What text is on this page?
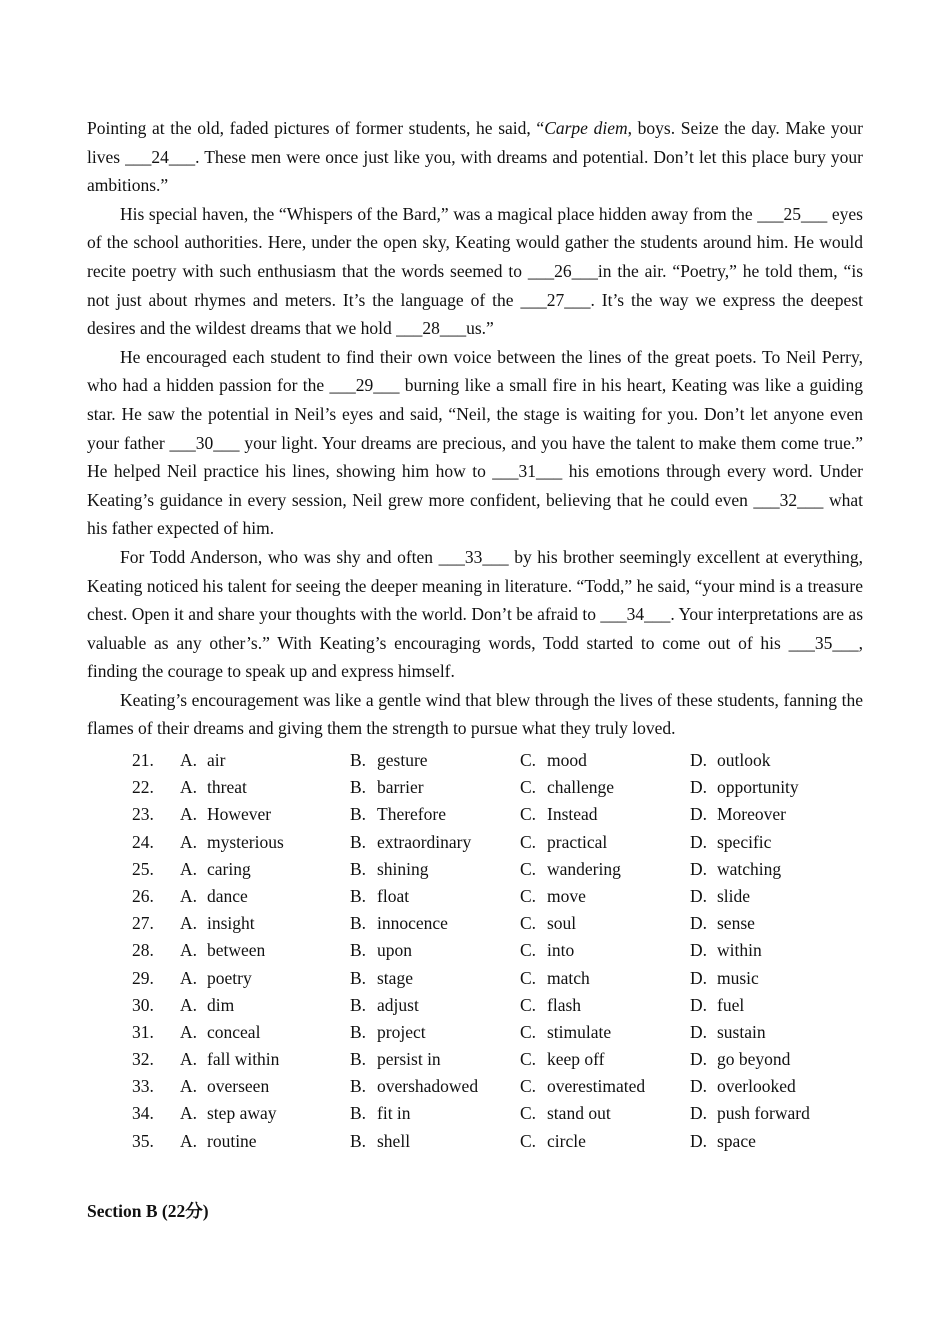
Pointing at the old, faded pictures of former students, he said, “Carpe diem, boys. Seize the day. Make your lives ___24___. These men were once just like you, with dreams and potential. Don’t let this place bury your ambitions.”

His special haven, the “Whispers of the Bard,” was a magical place hidden away from the ___25___ eyes of the school authorities. Here, under the open sky, Keating would gather the students around him. He would recite poetry with such enthusiasm that the words seemed to ___26___in the air. “Poetry,” he told them, “is not just about rhymes and meters. It’s the language of the ___27___. It’s the way we express the deepest desires and the wildest dreams that we hold ___28___us.”

He encouraged each student to find their own voice between the lines of the great poets. To Neil Perry, who had a hidden passion for the ___29___ burning like a small fire in his heart, Keating was like a guiding star. He saw the potential in Neil’s eyes and said, “Neil, the stage is waiting for you. Don’t let anyone even your father ___30___ your light. Your dreams are precious, and you have the talent to make them come true.” He helped Neil practice his lines, showing him how to ___31___ his emotions through every word. Under Keating’s guidance in every session, Neil grew more confident, believing that he could even ___32___ what his father expected of him.

For Todd Anderson, who was shy and often ___33___ by his brother seemingly excellent at everything, Keating noticed his talent for seeing the deeper meaning in literature. “Todd,” he said, “your mind is a treasure chest. Open it and share your thoughts with the world. Don’t be afraid to ___34___. Your interpretations are as valuable as any other’s.” With Keating’s encouraging words, Todd started to come out of his ___35___, finding the courage to speak up and express himself.

Keating’s encouragement was like a gentle wind that blew through the lives of these students, fanning the flames of their dreams and giving them the strength to pursue what they truly loved.

21. A. air	B. gesture	C. mood	D. outlook
22. A. threat	B. barrier	C. challenge	D. opportunity
23. A. However	B. Therefore	C. Instead	D. Moreover
24. A. mysterious	B. extraordinary	C. practical	D. specific
25. A. caring	B. shining	C. wandering	D. watching
26. A. dance	B. float	C. move	D. slide
27. A. insight	B. innocence	C. soul	D. sense
28. A. between	B. upon	C. into	D. within
29. A. poetry	B. stage	C. match	D. music
30. A. dim	B. adjust	C. flash	D. fuel
31. A. conceal	B. project	C. stimulate	D. sustain
32. A. fall within	B. persist in	C. keep off	D. go beyond
33. A. overseen	B. overshadowed C. overestimated	D. overlooked
34. A. step away	B. fit in	C. stand out	D. push forward
35. A. routine	B. shell	C. circle	D. space
Section B (22分)
